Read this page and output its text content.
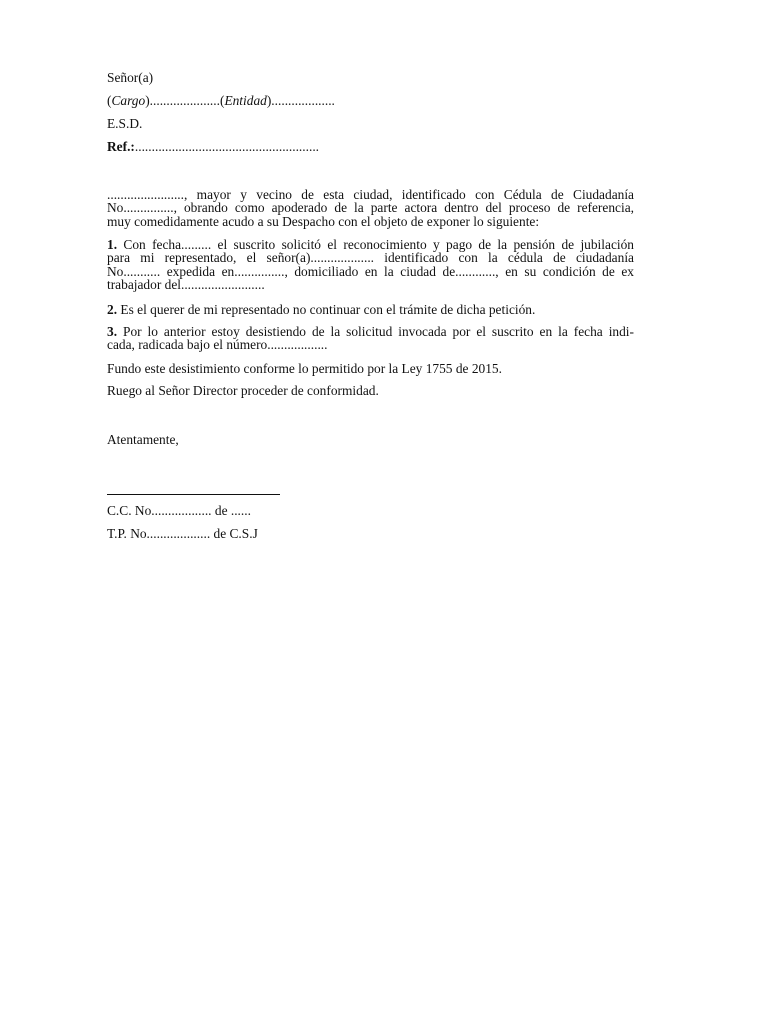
Señor(a)
(Cargo).....................(Entidad)...................
E.S.D.
Ref.:.......................................................
......................., mayor y vecino de esta ciudad, identificado con Cédula de Ciudadanía
No..............., obrando como apoderado de la parte actora dentro del proceso de referencia,
muy comedidamente acudo a su Despacho con el objeto de exponer lo siguiente:
1. Con fecha......... el suscrito solicitó el reconocimiento y pago de la pensión de jubilación
para mi representado, el señor(a)................... identificado con la cédula de ciudadanía
No........... expedida en..............., domiciliado en la ciudad de............, en su condición de ex
trabajador del.........................
2. Es el querer de mi representado no continuar con el trámite de dicha petición.
3. Por lo anterior estoy desistiendo de la solicitud invocada por el suscrito en la fecha indi-
cada, radicada bajo el número..................
Fundo este desistimiento conforme lo permitido por la Ley 1755 de 2015.
Ruego al Señor Director proceder de conformidad.
Atentamente,
C.C. No.................. de ......
T.P. No................... de C.S.J
